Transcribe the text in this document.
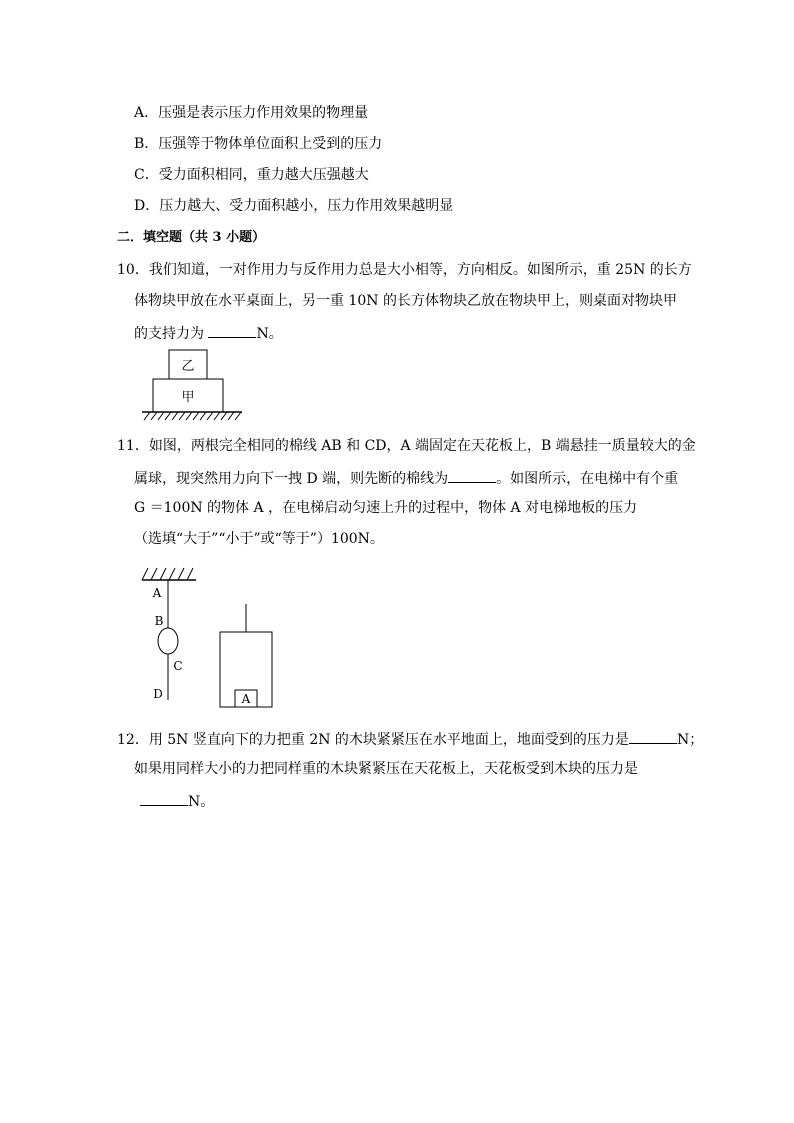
A．压强是表示压力作用效果的物理量
B．压强等于物体单位面积上受到的压力
C．受力面积相同，重力越大压强越大
D．压力越大、受力面积越小，压力作用效果越明显
二．填空题（共 3 小题）
10．我们知道，一对作用力与反作用力总是大小相等，方向相反。如图所示，重 25N 的长方
体物块甲放在水平桌面上，另一重 10N 的长方体物块乙放在物块甲上，则桌面对物块甲
的支持力为	N。
乙
甲
11．如图，两根完全相同的棉线 AB 和 CD，A 端固定在天花板上，B 端悬挂一质量较大的金
属球，现突然用力向下一拽 D 端，则先断的棉线为	。如图所示，在电梯中有个重
G ＝100N 的物体 A ，在电梯启动匀速上升的过程中，物体 A 对电梯地板的压力
（选填“大于”“小于”或“等于”）100N。
A
B
C
D	A
12．用 5N 竖直向下的力把重 2N 的木块紧紧压在水平地面上，地面受到的压力是	N；
如果用同样大小的力把同样重的木块紧紧压在天花板上，天花板受到木块的压力是
N。
